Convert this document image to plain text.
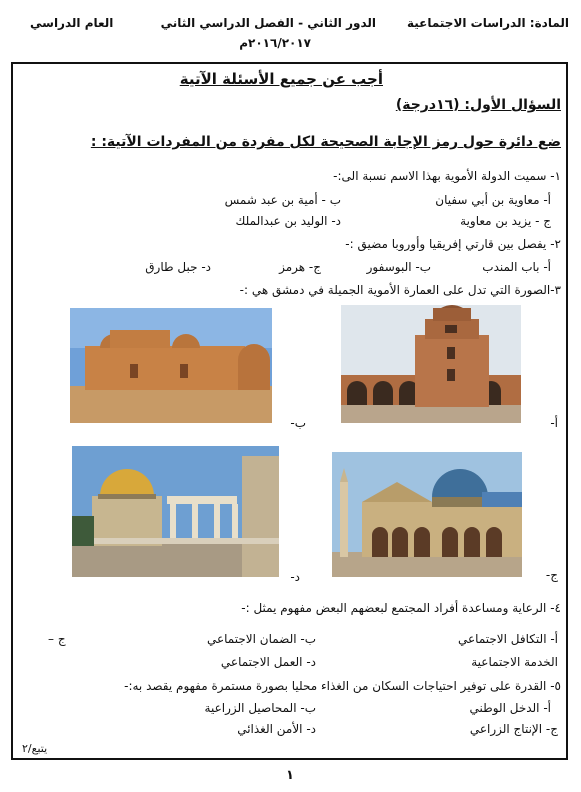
المادة: الدراسات الاجتماعية
الدور الثاني - الفصل الدراسي الثاني
٢٠١٦/٢٠١٧م
العام الدراسي
أجب عن جميع الأسئلة الآتية
السؤال الأول: (١٦درجة)
ضع دائرة حول رمز الإجابة الصحيحة لكل مفردة من المفردات الآتية: :
١- سميت الدولة الأموية بهذا الاسم نسبة الى:-
أ- معاوية بن أبي سفيان
ب - أمية بن عبد شمس
ج - يزيد بن معاوية
د- الوليد بن عبدالملك
٢- يفصل بين قارتي إفريقيا وأوروبا مضيق :-
أ- باب المندب
ب- البوسفور
ج- هرمز
د- جبل طارق
٣-الصورة التي تدل على العمارة الأموية الجميلة في دمشق هي :-
أ-
ب-
ج-
د-
٤- الرعاية ومساعدة أفراد المجتمع لبعضهم البعض مفهوم يمثل :-
أ- التكافل الاجتماعي
ب- الضمان الاجتماعي
ج –
الخدمة الاجتماعية
د- العمل الاجتماعي
٥- القدرة على توفير احتياجات السكان من الغذاء محليا بصورة مستمرة مفهوم يقصد به:-
أ- الدخل الوطني
ب- المحاصيل الزراعية
ج- الإنتاج الزراعي
د- الأمن الغذائي
يتبع/٢
١
